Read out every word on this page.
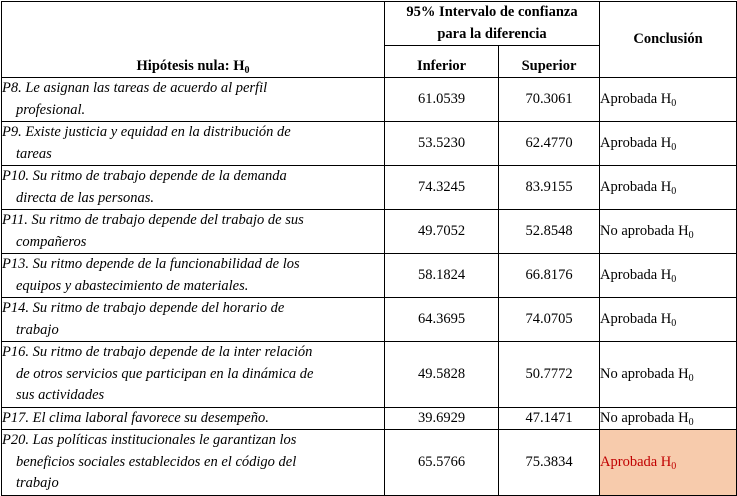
Hipótesis nula: $H_0$	95% Intervalo de confianza
para la diferencia		Conclusión
	Inferior	Superior	

P8. Le asignan las tareas de acuerdo al perfil
profesional.	61.0539	70.3061	Aprobada $H_0$

P9. Existe justicia y equidad en la distribución de
tareas	53.5230	62.4770	Aprobada $H_0$

P10. Su ritmo de trabajo depende de la demanda
directa de las personas.	74.3245	83.9155	Aprobada $H_0$

P11. Su ritmo de trabajo depende del trabajo de sus
compañeros	49.7052	52.8548	No aprobada $H_0$

P13. Su ritmo depende de la funcionabilidad de los
equipos y abastecimiento de materiales.	58.1824	66.8176	Aprobada $H_0$

P14. Su ritmo de trabajo depende del horario de
trabajo	64.3695	74.0705	Aprobada $H_0$

P16. Su ritmo de trabajo depende de la inter relación
de otros servicios que participan en la dinámica de
sus actividades	49.5828	50.7772	No aprobada $H_0$

P17. El clima laboral favorece su desempeño.	39.6929	47.1471	No aprobada $H_0$

P20. Las políticas institucionales le garantizan los
beneficios sociales establecidos en el código del
trabajo	65.5766	75.3834	Aprobada $H_0$
